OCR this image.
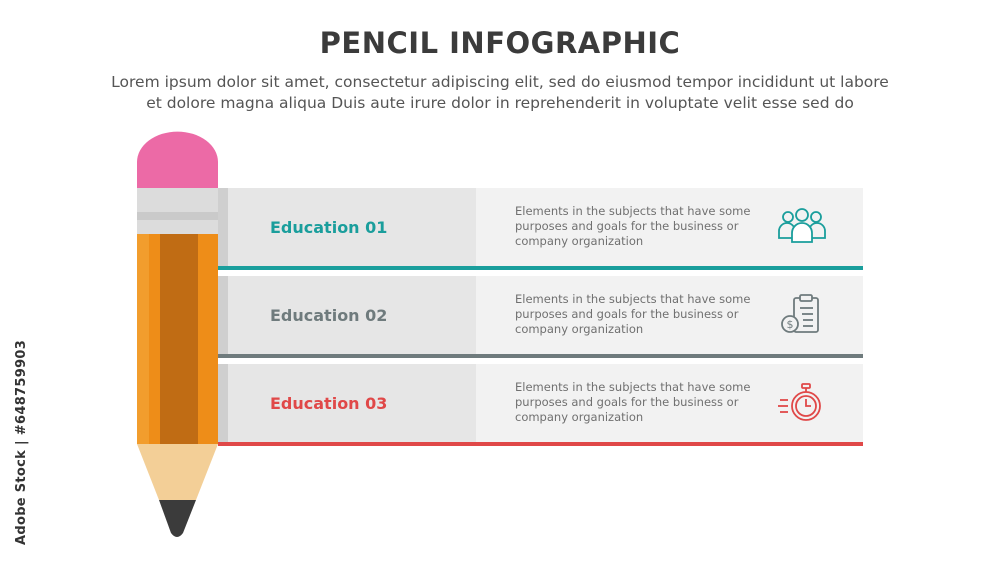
PENCIL INFOGRAPHIC
Lorem ipsum dolor sit amet, consectetur adipiscing elit, sed do eiusmod tempor incididunt ut labore
et dolore magna aliqua Duis aute irure dolor in reprehenderit in voluptate velit esse sed do
Education 01
Elements in the subjects that have some
purposes and goals for the business or
company organization
Education 02
Elements in the subjects that have some
purposes and goals for the business or
company organization	$
Education 03
Elements in the subjects that have some
purposes and goals for the business or
company organization
Adobe Stock | #648759903
